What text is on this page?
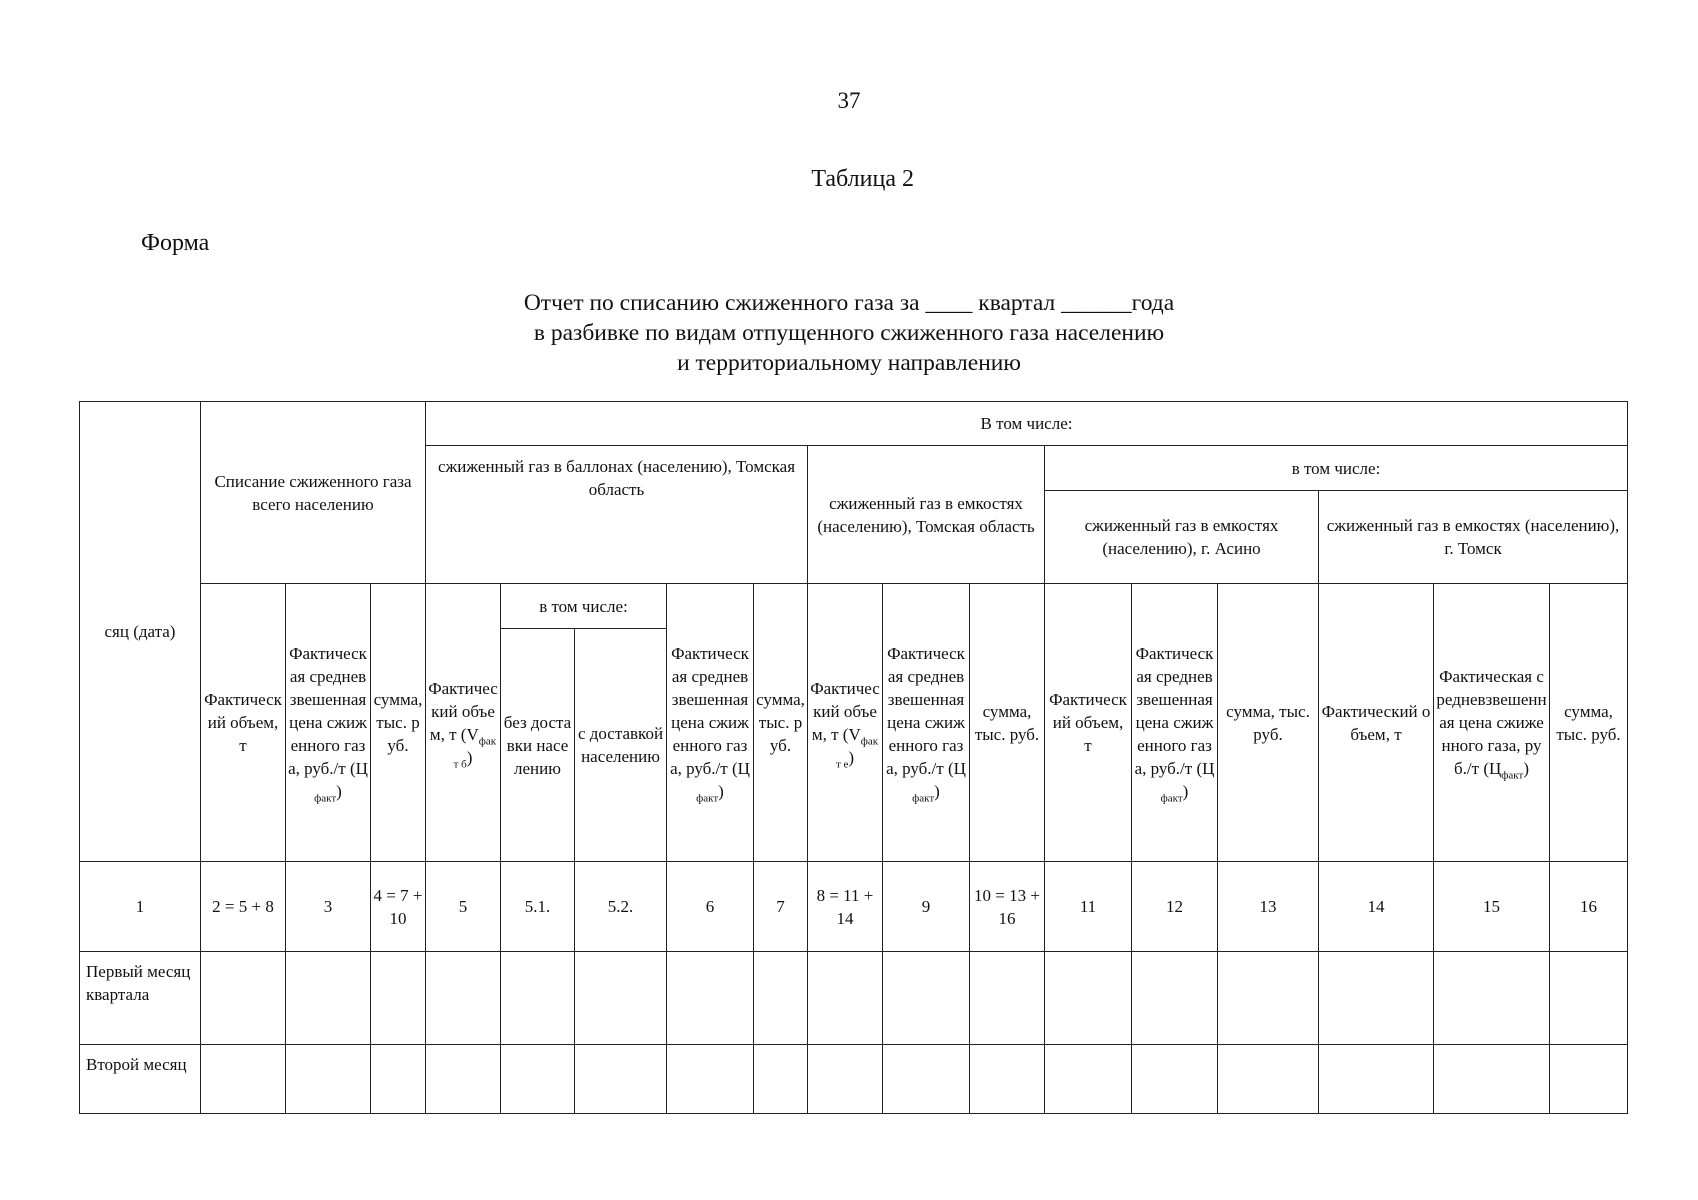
37
Таблица 2
Форма
Отчет по списанию сжиженного газа за ____ квартал ______года
в разбивке по видам отпущенного сжиженного газа населению
и территориальному направлению
сяц (дата)	Списание сжиженного газа всего населению			В том числе:													
				сжиженный газ в баллонах (населению), Томская область					сжиженный газ в емкостях (населению), Томская область			в том числе:					
												сжиженный газ в емкостях (населению), г. Асино			сжиженный газ в емкостях (населению), г. Томск		
	Фактический объем, т	Фактическая средневзвешенная цена сжиженного газа, руб./т $(Ц_{факт})$	сумма, тыс. руб.	Фактический объем, т $(V_{факт б})$	в том числе:		Фактическая средневзвешенная цена сжиженного газа, руб./т $(Ц_{факт})$	сумма, тыс. руб.	Фактический объем, т $(V_{факт е})$	Фактическая средневзвешенная цена сжиженного газа, руб./т $(Ц_{факт})$	сумма, тыс. руб.	Фактический объем, т	Фактическая средневзвешенная цена сжиженного газа, руб./т $(Ц_{факт})$	сумма, тыс. руб.	Фактический объем, т	Фактическая средневзвешенная цена сжиженного газа, руб./т $(Ц_{факт})$	сумма, тыс. руб.
					без доставки населению	с доставкой населению											
1	2 = 5 + 8	3	4 = 7 + 10	5	5.1.	5.2.	6	7	8 = 11 + 14	9	10 = 13 + 16	11	12	13	14	15	16
Первый месяц квартала																	
Второй месяц																	
